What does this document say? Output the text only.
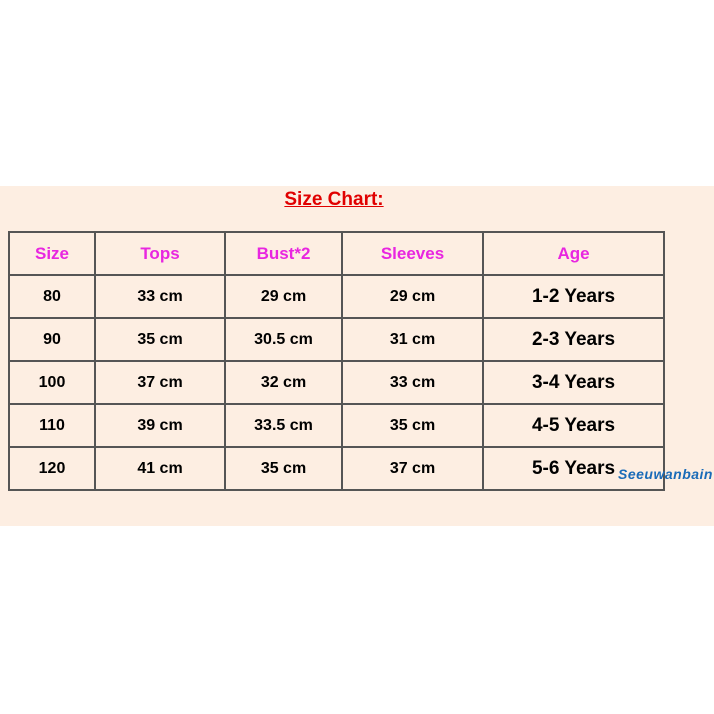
Size Chart:
Size	Tops	Bust*2	Sleeves	Age
80	33 cm	29 cm	29 cm	1-2 Years
90	35 cm	30.5 cm	31 cm	2-3 Years
100	37 cm	32 cm	33 cm	3-4 Years
110	39 cm	33.5 cm	35 cm	4-5 Years
120	41 cm	35 cm	37 cm	5-6 Years Seeuwanbain
